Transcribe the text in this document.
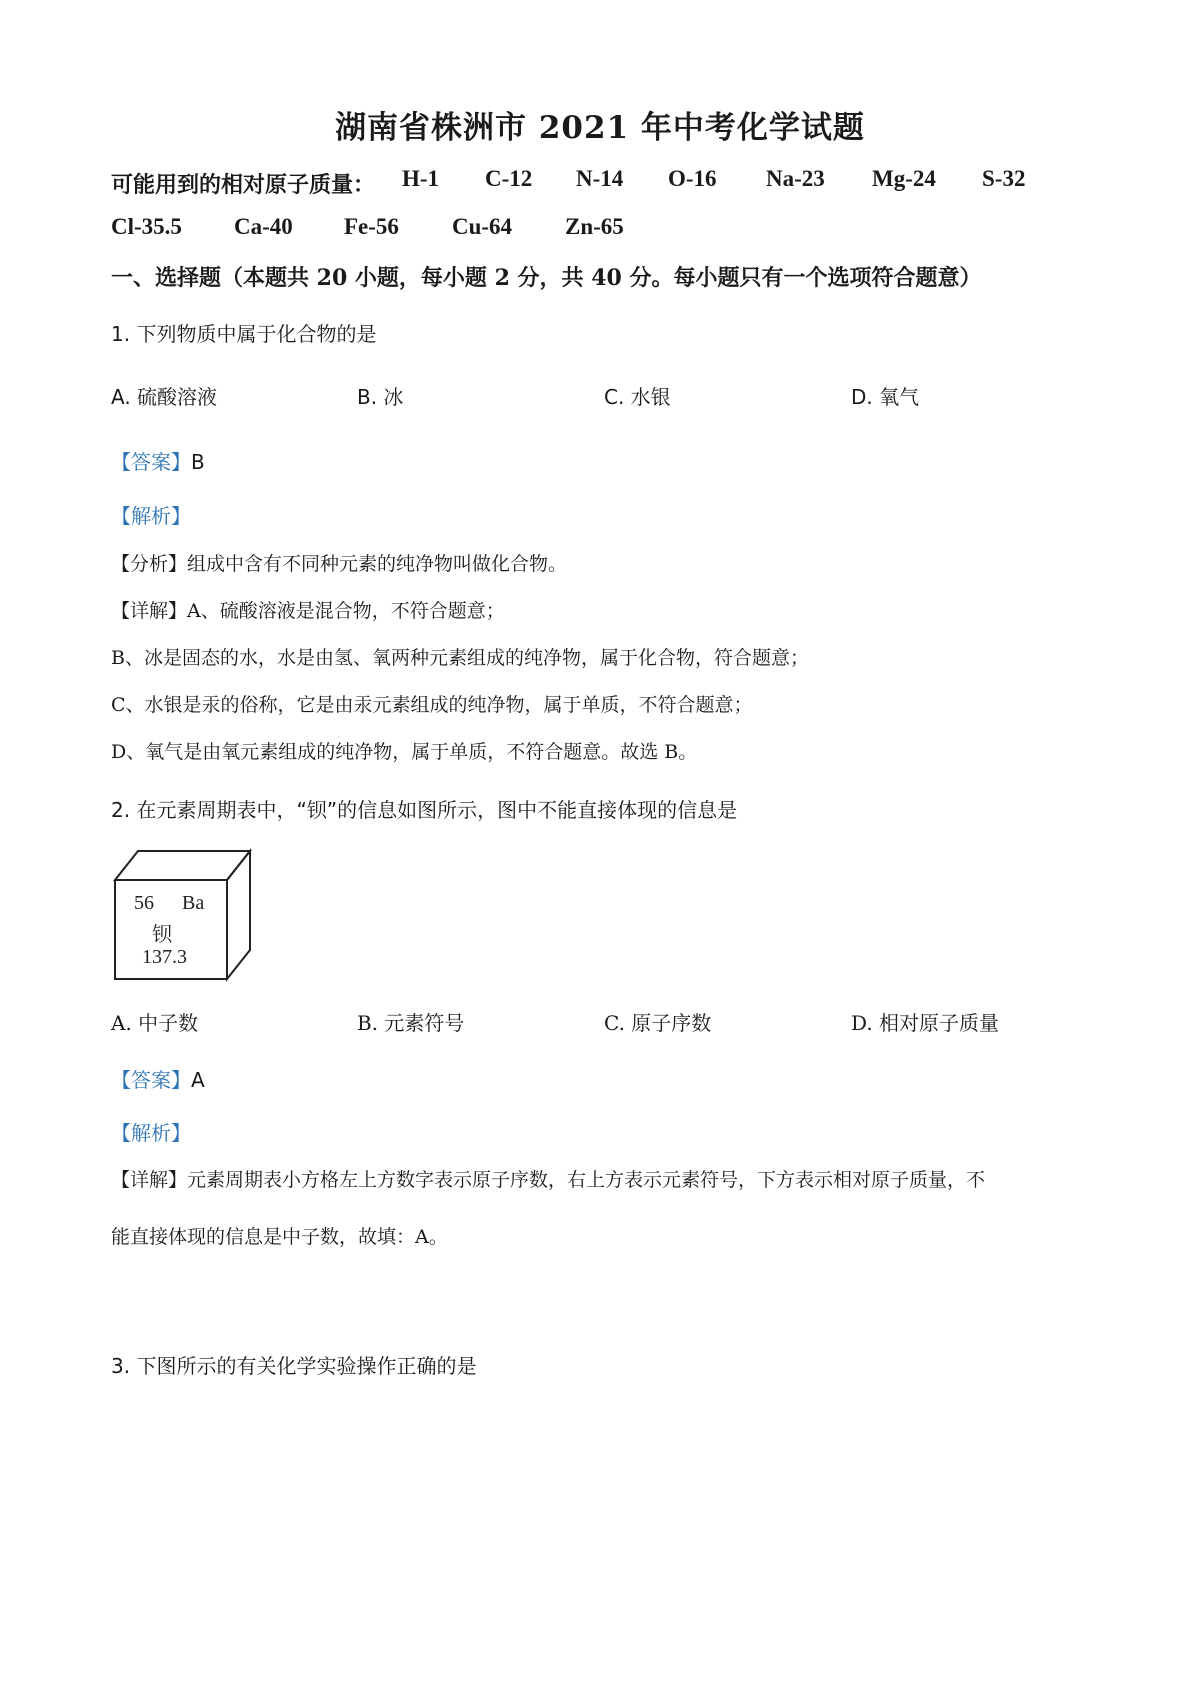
湖南省株洲市 2021 年中考化学试题
可能用到的相对原子质量： H-1 C-12 N-14 O-16 Na-23 Mg-24 S-32
Cl-35.5 Ca-40 Fe-56 Cu-64 Zn-65
一、选择题（本题共 20 小题，每小题 2 分，共 40 分。每小题只有一个选项符合题意）
1. 下列物质中属于化合物的是
A. 硫酸溶液	B. 冰	C. 水银	D. 氧气
【答案】B
【解析】
【分析】组成中含有不同种元素的纯净物叫做化合物。
【详解】A、硫酸溶液是混合物，不符合题意；
B、冰是固态的水，水是由氢、氧两种元素组成的纯净物，属于化合物，符合题意；
C、水银是汞的俗称，它是由汞元素组成的纯净物，属于单质，不符合题意；
D、氧气是由氧元素组成的纯净物，属于单质，不符合题意。故选 B。
2. 在元素周期表中，“钡”的信息如图所示，图中不能直接体现的信息是
56 Ba
钡
137.3
A. 中子数	B. 元素符号	C. 原子序数	D. 相对原子质量
【答案】A
【解析】
【详解】元素周期表小方格左上方数字表示原子序数，右上方表示元素符号，下方表示相对原子质量，不
能直接体现的信息是中子数，故填：A。
3. 下图所示的有关化学实验操作正确的是
